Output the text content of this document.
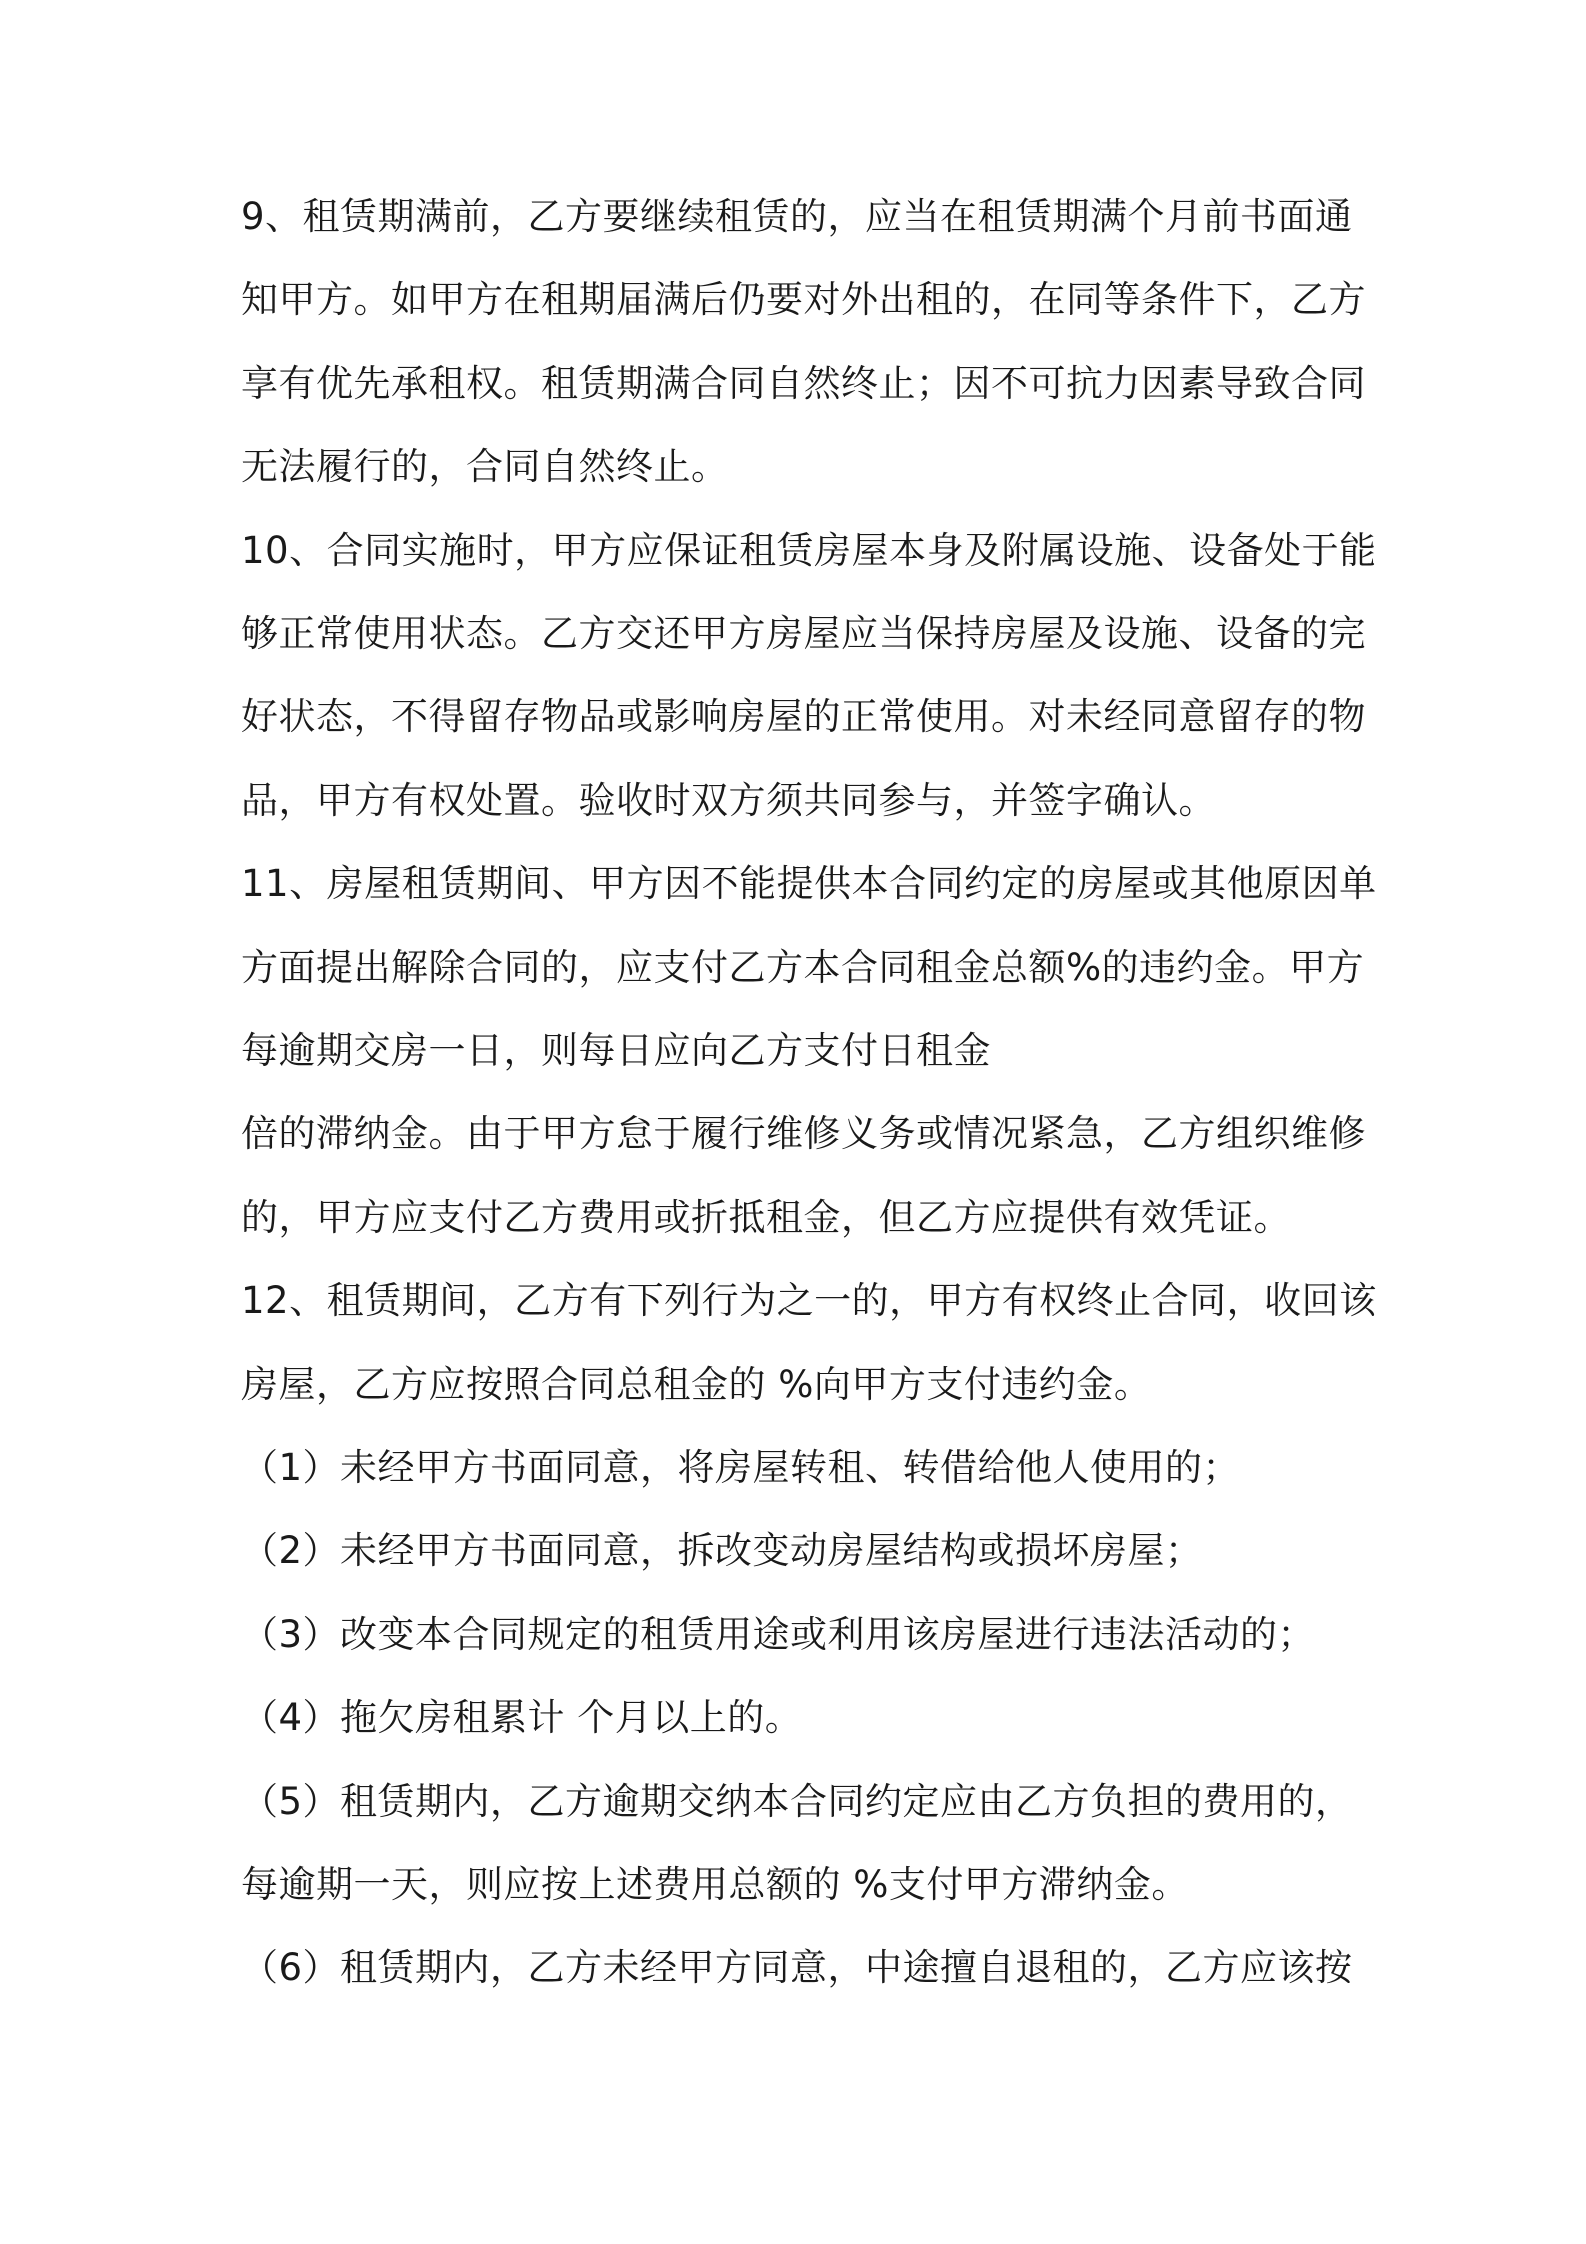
9、租赁期满前，乙方要继续租赁的，应当在租赁期满个月前书面通
知甲方。如甲方在租期届满后仍要对外出租的，在同等条件下，乙方
享有优先承租权。租赁期满合同自然终止；因不可抗力因素导致合同
无法履行的，合同自然终止。
10、合同实施时，甲方应保证租赁房屋本身及附属设施、设备处于能
够正常使用状态。乙方交还甲方房屋应当保持房屋及设施、设备的完
好状态，不得留存物品或影响房屋的正常使用。对未经同意留存的物
品，甲方有权处置。验收时双方须共同参与，并签字确认。
11、房屋租赁期间、甲方因不能提供本合同约定的房屋或其他原因单
方面提出解除合同的，应支付乙方本合同租金总额%的违约金。甲方
每逾期交房一日，则每日应向乙方支付日租金
倍的滞纳金。由于甲方怠于履行维修义务或情况紧急，乙方组织维修
的，甲方应支付乙方费用或折抵租金，但乙方应提供有效凭证。
12、租赁期间，乙方有下列行为之一的，甲方有权终止合同，收回该
房屋，乙方应按照合同总租金的 %向甲方支付违约金。
（1）未经甲方书面同意，将房屋转租、转借给他人使用的；
（2）未经甲方书面同意，拆改变动房屋结构或损坏房屋；
（3）改变本合同规定的租赁用途或利用该房屋进行违法活动的；
（4）拖欠房租累计 个月以上的。
（5）租赁期内，乙方逾期交纳本合同约定应由乙方负担的费用的，
每逾期一天，则应按上述费用总额的 %支付甲方滞纳金。
（6）租赁期内，乙方未经甲方同意，中途擅自退租的，乙方应该按
